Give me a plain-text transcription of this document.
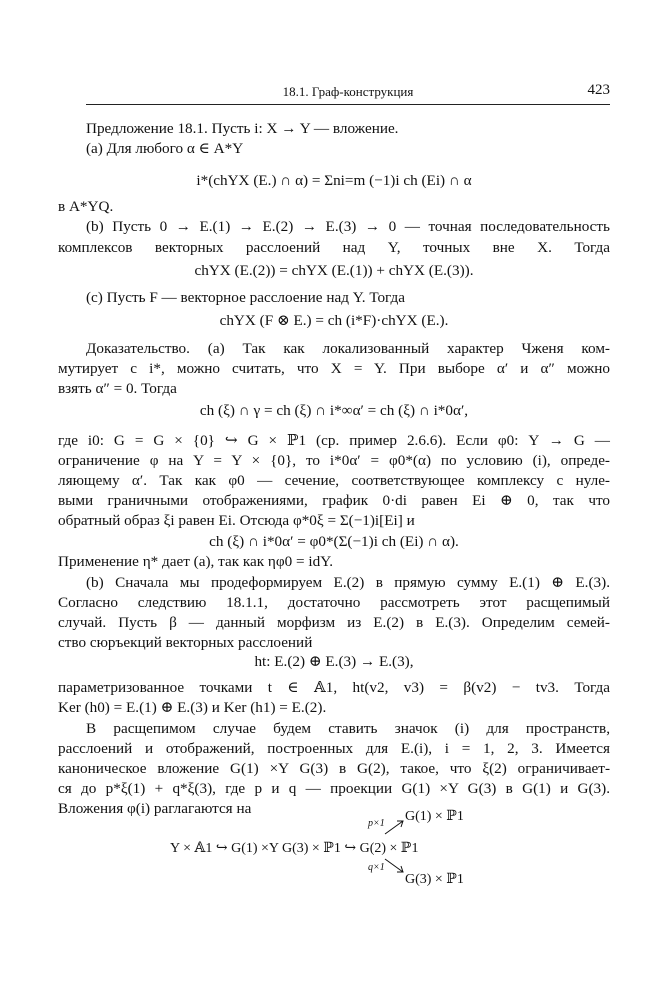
18.1. Граф-конструкция	423
Предложение 18.1. Пусть i: X → Y — вложение.
(a) Для любого α ∈ A*Y
i*(chYX (E.) ∩ α) = Σni=m (−1)i ch (Ei) ∩ α
в A*YQ.
(b) Пусть 0 → E.(1) → E.(2) → E.(3) → 0 — точная последовательность
комплексов векторных расслоений над Y, точных вне X. Тогда
chYX (E.(2)) = chYX (E.(1)) + chYX (E.(3)).
(c) Пусть F — векторное расслоение над Y. Тогда
chYX (F ⊗ E.) = ch (i*F)·chYX (E.).
Доказательство. (a) Так как локализованный характер Чженя ком-
мутирует с i*, можно считать, что X = Y. При выборе α′ и α″ можно
взять α″ = 0. Тогда
ch (ξ) ∩ γ = ch (ξ) ∩ i*∞α′ = ch (ξ) ∩ i*0α′,
где i0: G = G × {0} ↪ G × ℙ1 (ср. пример 2.6.6). Если φ0: Y → G —
ограничение φ на Y = Y × {0}, то i*0α′ = φ0*(α) по условию (i), опреде-
ляющему α′. Так как φ0 — сечение, соответствующее комплексу с нуле-
выми граничными отображениями, график 0·di равен Ei ⊕ 0, так что
обратный образ ξi равен Ei. Отсюда φ*0ξ = Σ(−1)i[Ei] и
ch (ξ) ∩ i*0α′ = φ0*(Σ(−1)i ch (Ei) ∩ α).
Применение η* дает (a), так как ηφ0 = idY.
(b) Сначала мы продеформируем E.(2) в прямую сумму E.(1) ⊕ E.(3).
Согласно следствию 18.1.1, достаточно рассмотреть этот расщепимый
случай. Пусть β — данный морфизм из E.(2) в E.(3). Определим семей-
ство сюръекций векторных расслоений
ht: E.(2) ⊕ E.(3) → E.(3),
параметризованное точками t ∈ 𝔸1, ht(v2, v3) = β(v2) − tv3. Тогда
Ker (h0) = E.(1) ⊕ E.(3) и Ker (h1) = E.(2).
В расщепимом случае будем ставить значок (i) для пространств,
расслоений и отображений, построенных для E.(i), i = 1, 2, 3. Имеется
каноническое вложение G(1) ×Y G(3) в G(2), такое, что ξ(2) ограничивает-
ся до p*ξ(1) + q*ξ(3), где p и q — проекции G(1) ×Y G(3) в G(1) и G(3).
Вложения φ(i) раглагаются на	G(1) × ℙ1
p×1
Y × 𝔸1 ↪ G(1) ×Y G(3) × ℙ1 ↪ G(2) × ℙ1
q×1
G(3) × ℙ1
